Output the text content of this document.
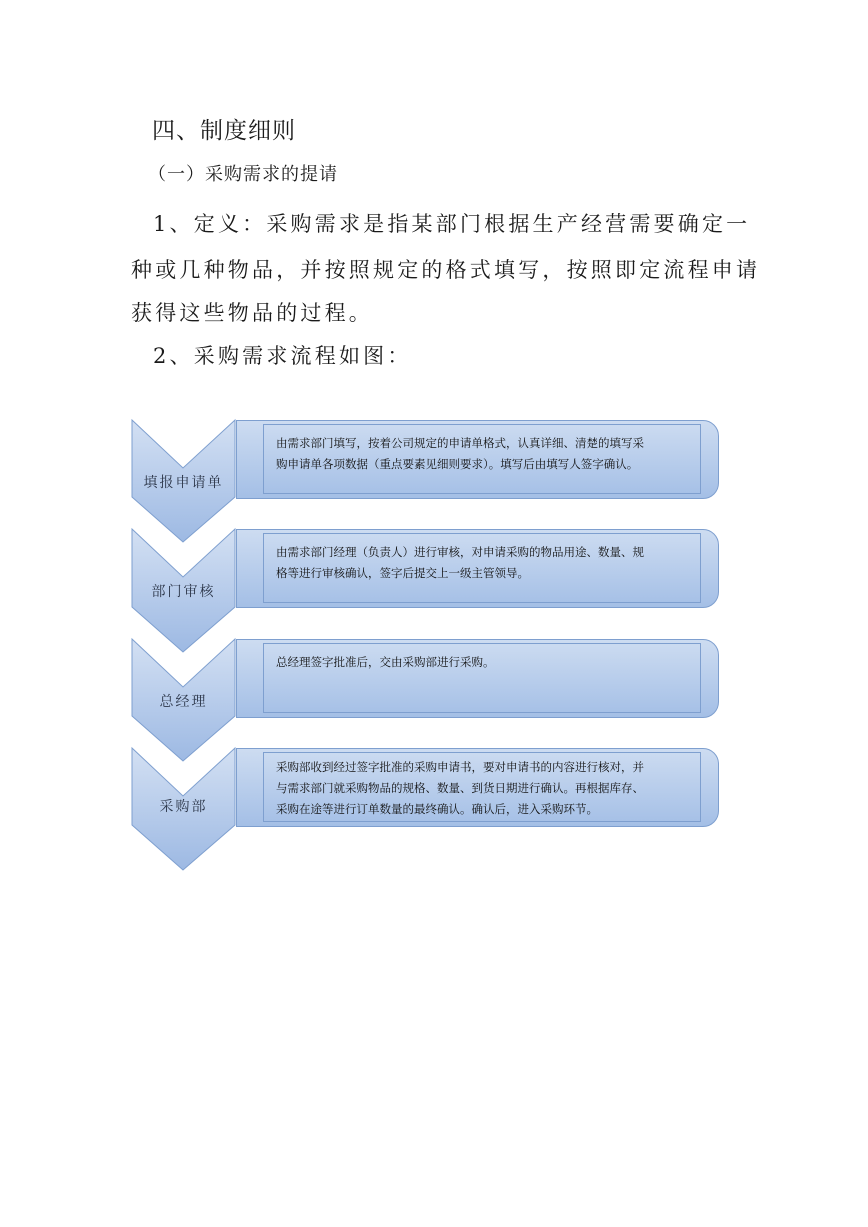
四、制度细则
（一）采购需求的提请
1、定义：采购需求是指某部门根据生产经营需要确定一
种或几种物品，并按照规定的格式填写，按照即定流程申请
获得这些物品的过程。
2、采购需求流程如图：
由需求部门填写，按着公司规定的申请单格式，认真详细、清楚的填写采
购申请单各项数据（重点要素见细则要求）。填写后由填写人签字确认。
填报申请单
由需求部门经理（负责人）进行审核，对申请采购的物品用途、数量、规
格等进行审核确认，签字后提交上一级主管领导。
部门审核
总经理签字批准后，交由采购部进行采购。
总经理
采购部收到经过签字批准的采购申请书，要对申请书的内容进行核对，并
与需求部门就采购物品的规格、数量、到货日期进行确认。再根据库存、
采购在途等进行订单数量的最终确认。确认后，进入采购环节。
采购部
